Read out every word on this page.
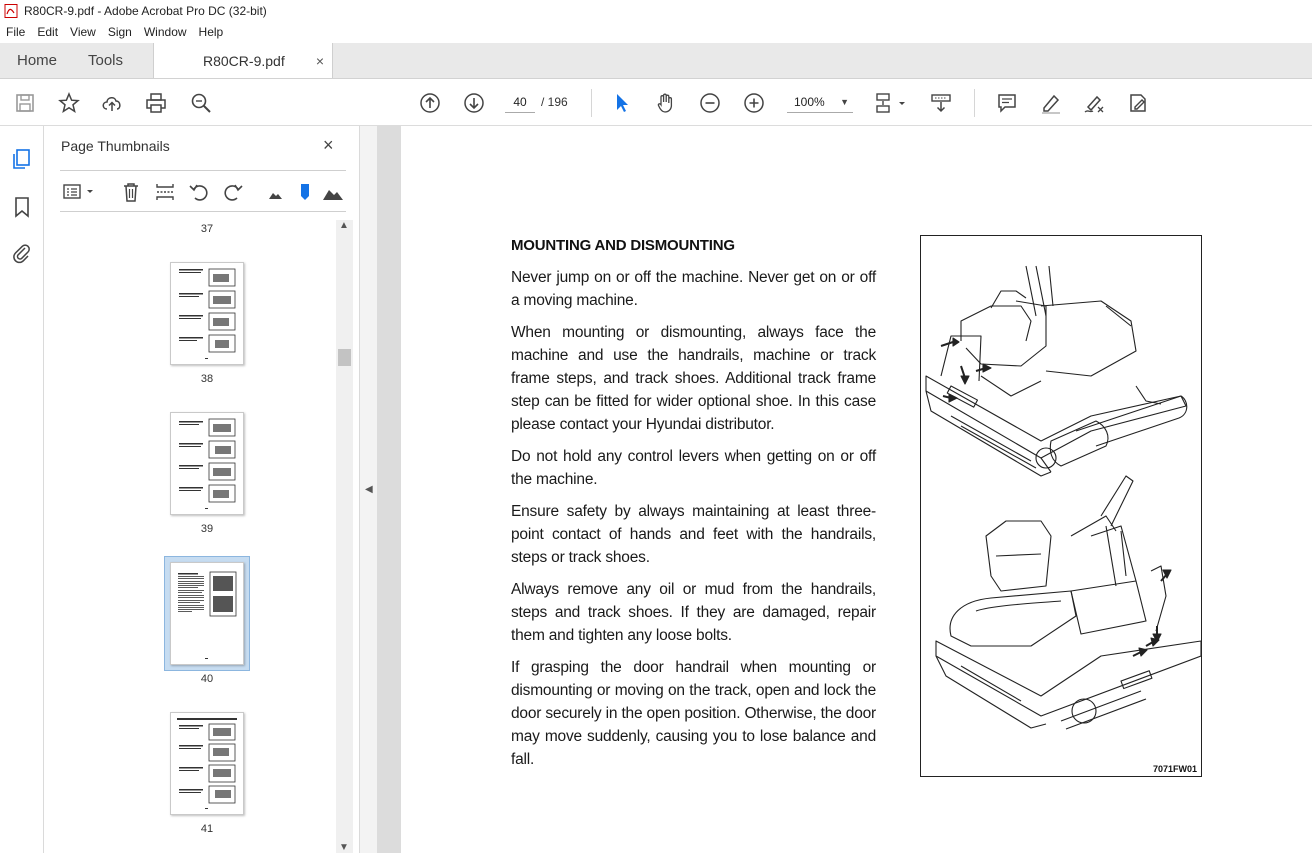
R80CR-9.pdf - Adobe Acrobat Pro DC (32-bit)
File	Edit	View	Sign	Window	Help
Home	Tools	R80CR-9.pdf ×
40	/ 196	100% ▼
Page Thumbnails	×
37
38
39
40
41
▲
▼
◀
MOUNTING AND DISMOUNTING
Never jump on or off the machine. Never get on or off a moving machine.
When mounting or dismounting, always face the machine and use the handrails, machine or track frame steps, and track shoes. Additional track frame step can be fitted for wider optional shoe. In this case please contact your Hyundai distributor.
Do not hold any control levers when getting on or off the machine.
Ensure safety by always maintaining at least three-point contact of hands and feet with the handrails, steps or track shoes.
Always remove any oil or mud from the handrails, steps and track shoes. If they are damaged, repair them and tighten any loose bolts.
If grasping the door handrail when mounting or dismounting or moving on the track, open and lock the door securely in the open position. Otherwise, the door may move suddenly, causing you to lose balance and fall.
7071FW01
